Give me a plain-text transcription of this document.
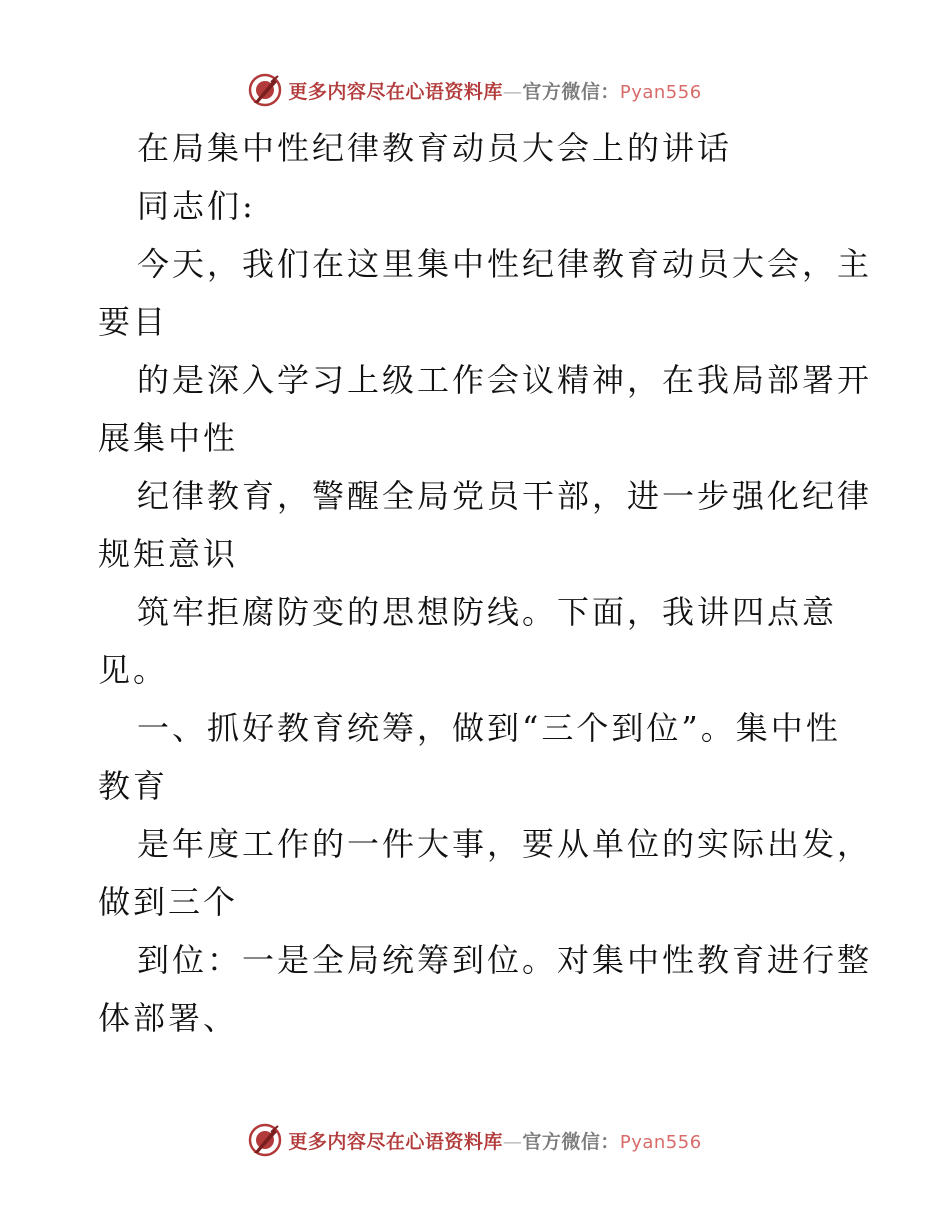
更多内容尽在心语资料库—官方微信：Pyan556
在局集中性纪律教育动员大会上的讲话
同志们:
今天，我们在这里集中性纪律教育动员大会，主
要目
的是深入学习上级工作会议精神，在我局部署开
展集中性
纪律教育，警醒全局党员干部，进一步强化纪律
规矩意识
筑牢拒腐防变的思想防线。下面，我讲四点意
见。
一、抓好教育统筹，做到“三个到位”。集中性
教育
是年度工作的一件大事，要从单位的实际出发，
做到三个
到位：一是全局统筹到位。对集中性教育进行整
体部署、
更多内容尽在心语资料库—官方微信：Pyan556
